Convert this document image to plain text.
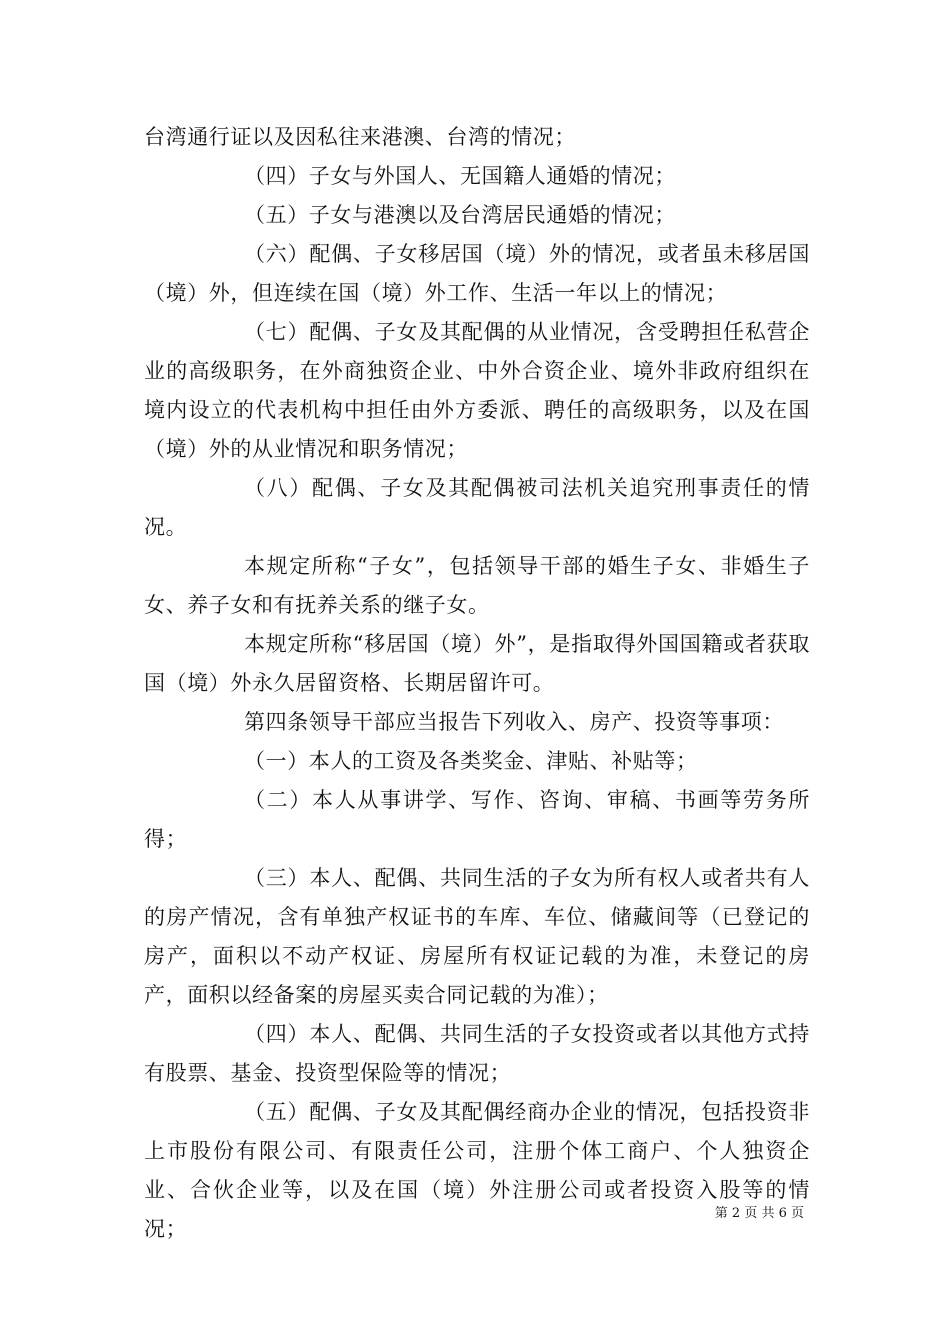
台湾通行证以及因私往来港澳、台湾的情况；

（四）子女与外国人、无国籍人通婚的情况；

（五）子女与港澳以及台湾居民通婚的情况；

（六）配偶、子女移居国（境）外的情况，或者虽未移居国（境）外，但连续在国（境）外工作、生活一年以上的情况；

（七）配偶、子女及其配偶的从业情况，含受聘担任私营企业的高级职务，在外商独资企业、中外合资企业、境外非政府组织在境内设立的代表机构中担任由外方委派、聘任的高级职务，以及在国（境）外的从业情况和职务情况；

（八）配偶、子女及其配偶被司法机关追究刑事责任的情况。

本规定所称“子女”，包括领导干部的婚生子女、非婚生子女、养子女和有抚养关系的继子女。

本规定所称“移居国（境）外”，是指取得外国国籍或者获取国（境）外永久居留资格、长期居留许可。

第四条领导干部应当报告下列收入、房产、投资等事项：

（一）本人的工资及各类奖金、津贴、补贴等；

（二）本人从事讲学、写作、咨询、审稿、书画等劳务所得；

（三）本人、配偶、共同生活的子女为所有权人或者共有人的房产情况，含有单独产权证书的车库、车位、储藏间等（已登记的房产，面积以不动产权证、房屋所有权证记载的为准，未登记的房产，面积以经备案的房屋买卖合同记载的为准）；

（四）本人、配偶、共同生活的子女投资或者以其他方式持有股票、基金、投资型保险等的情况；

（五）配偶、子女及其配偶经商办企业的情况，包括投资非上市股份有限公司、有限责任公司，注册个体工商户、个人独资企业、合伙企业等，以及在国（境）外注册公司或者投资入股等的情况；

第 2 页 共 6 页
